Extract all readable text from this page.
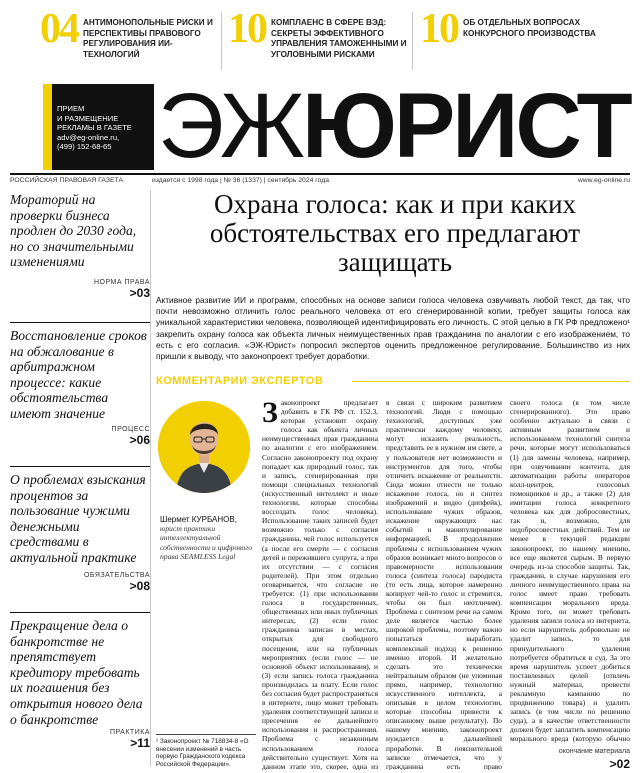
04 АНТИМОНОПОЛЬНЫЕ РИСКИ И ПЕРСПЕКТИВЫ ПРАВОВОГО РЕГУЛИРОВАНИЯ ИИ-ТЕХНОЛОГИЙ
10 КОМПЛАЕНС В СФЕРЕ ВЭД: СЕКРЕТЫ ЭФФЕКТИВНОГО УПРАВЛЕНИЯ ТАМОЖЕННЫМИ И УГОЛОВНЫМИ РИСКАМИ
10 ОБ ОТДЕЛЬНЫХ ВОПРОСАХ КОНКУРСНОГО ПРОИЗВОДСТВА
ПРИЕМ
И РАЗМЕЩЕНИЕ
РЕКЛАМЫ В ГАЗЕТЕ
adv@eg-online.ru,
(499) 152-68-65 ЭЖЮРИСТ
РОССИЙСКАЯ ПРАВОВАЯ ГАЗЕТА	издается с 1998 года | № 36 (1337) | сентябрь 2024 года	www.eg-online.ru
Мораторий на проверки бизнеса продлен до 2030 года, но со значительными изменениями
НОРМА ПРАВА
>03
Восстановление сроков на обжалование в арбитражном процессе: какие обстоятельства имеют значение
ПРОЦЕСС
>06
О проблемах взыскания процентов за пользование чужими денежными средствами в актуальной практике
ОБЯЗАТЕЛЬСТВА
>08
Прекращение дела о банкротстве не препятствует кредитору требовать их погашения без открытия нового дела о банкротстве
ПРАКТИКА
>11
Охрана голоса: как и при каких обстоятельствах его предлагают защищать
Активное развитие ИИ и программ, способных на основе записи голоса человека озвучивать любой текст, да так, что почти невозможно отличить голос реального человека от его сгенерированной копии, требует защиты голоса как уникальной характеристики человека, позволяющей идентифицировать его личность. С этой целью в ГК РФ предложено¹ закрепить охрану голоса как объекта личных неимущественных прав гражданина по аналогии с его изображением, то есть с его согласия. «ЭЖ-Юрист» попросил экспертов оценить предложенное регулирование. Большинство из них пришли к выводу, что законопроект требует доработки.
КОММЕНТАРИИ ЭКСПЕРТОВ
Шермет КУРБАНОВ,
юрист практики интеллектуальной собственности и цифрового права SEAMLESS Legal
¹ Законопроект № 718834-8 «О внесении изменений в часть первую Гражданского кодекса Российской Федерации».
Законопроект предлагает добавить в ГК РФ ст. 152.3, которая установит охрану голоса как объекта личных неимущественных прав гражданина по аналогии с его изображением. Согласно законопроекту под охрану попадает как природный голос, так и запись, сгенерированная при помощи специальных технологий (искусственный интеллект и иные технологии, которые способны воссоздать голос человека). Использование таких записей будет возможно только с согласия гражданина, чей голос используется (а после его смерти — с согласия детей и пережившего супруга, а при их отсутствии — с согласия родителей). При этом отдельно оговаривается, что согласие не требуется: (1) при использовании голоса в государственных, общественных или иных публичных интересах, (2) если голос гражданина записан в местах, открытых для свободного посещения, или на публичных мероприятиях (если голос — не основной объект использования), и (3) если запись голоса гражданина производилась за плату. Если голос без согласия будет распространяться в интернете, лицо может требовать удаления соответствующей записи и пресечения ее дальнейшего использования и распространения. Проблема с незаконным использованием голоса действительно существует. Хотя на данном этапе это, скорее, одна из
в связи с широким развитием технологий. Люди с помощью технологий, доступных уже практически каждому человеку, могут исказить реальность, представить ее в нужном им свете, а у пользователя нет возможности и инструментов для того, чтобы отличить искажение от реальности. Сюда можно отнести не только искажение голоса, но и синтез изображений и видео (дипфейк), использование чужих образов, искажение окружающих нас событий и манипулирование информацией. В продолжение проблемы с использованием чужих образов возникает много вопросов о правомерности использования голоса (синтеза голоса) пародиста (то есть лица, которое намеренно копирует чей-то голос и стремится, чтобы он был неотличим). Проблема с синтезом речи на самом деле является частью более широкой проблемы, поэтому важно попытаться выработать комплексный подход к решению именно второй. И желательно сделать это технически нейтральным образом (не упоминая прямо, например, технологию искусственного интеллекта, а описывая в целом технологии, которые способны привести к описанному выше результату). По нашему мнению, законопроект нуждается в дальнейшей проработке. В пояснительной записке отмечается, что у гражданина есть право
своего голоса (в том числе сгенерированного). Это право особенно актуально в связи с активным развитием и использованием технологий синтеза речи, которые могут использоваться (1) для замены человека, например, при озвучивании контента, для автоматизации работы операторов колл-центров, голосовых помощников и др., а также (2) для имитации голоса конкретного человека как для добросовестных, так и, возможно, для недобросовестных действий. Тем не менее в текущей редакции законопроект, по нашему мнению, все еще является сырым. В первую очередь из-за способов защиты. Так, гражданин, в случае нарушения его личного неимущественного права на голос имеет право требовать компенсации морального вреда. Кроме того, он может требовать удаления записи голоса из интернета, но если нарушитель добровольно не удалит запись, то для принудительного удаления потребуется обратиться в суд. За это время нарушитель успеет добиться поставленных целей (отвлечь нужный материал, провести рекламную кампанию по продвижению товара) и удалить запись (в том числе по решению суда), а в качестве ответственности должен будет заплатить компенсацию морального вреда (которую обычно
окончание материала
>02
